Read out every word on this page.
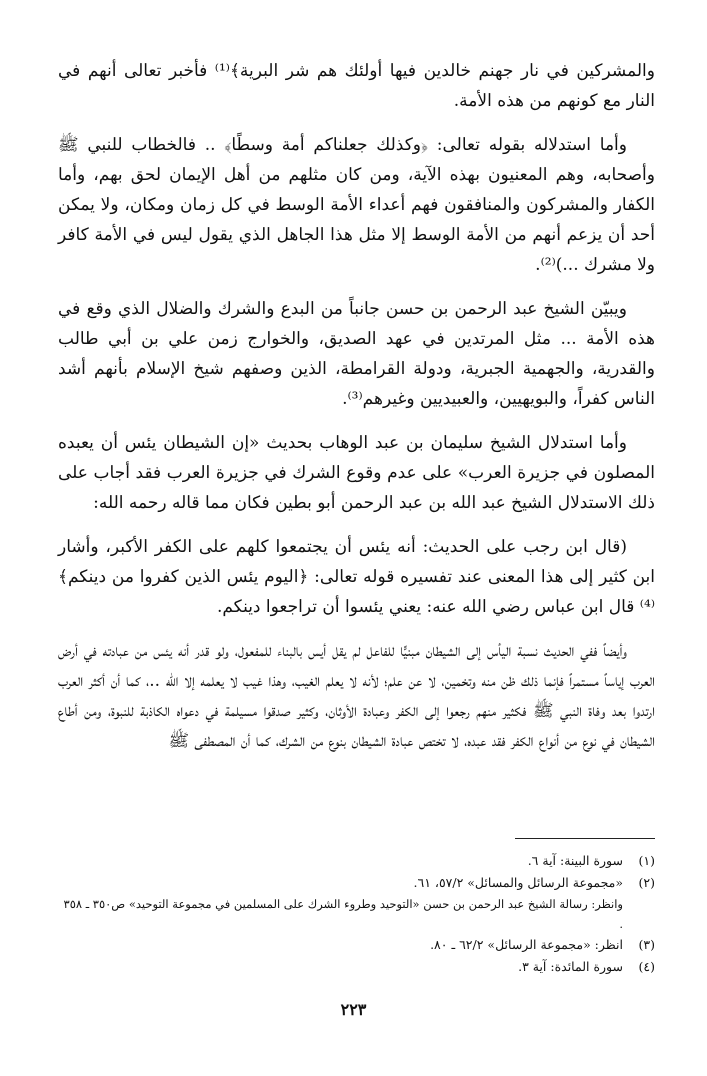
والمشركين في نار جهنم خالدين فيها أولئك هم شر البرية﴾⁽¹⁾ فأخبر تعالى أنهم في النار مع كونهم من هذه الأمة.

وأما استدلاله بقوله تعالى: ﴿وكذلك جعلناكم أمة وسطًا﴾ .. فالخطاب للنبي ﷺ وأصحابه، وهم المعنيون بهذه الآية، ومن كان مثلهم من أهل الإيمان لحق بهم، وأما الكفار والمشركون والمنافقون فهم أعداء الأمة الوسط في كل زمان ومكان، ولا يمكن أحد أن يزعم أنهم من الأمة الوسط إلا مثل هذا الجاهل الذي يقول ليس في الأمة كافر ولا مشرك ...)⁽²⁾.

ويبيّن الشيخ عبد الرحمن بن حسن جانباً من البدع والشرك والضلال الذي وقع في هذه الأمة ... مثل المرتدين في عهد الصديق، والخوارج زمن علي بن أبي طالب والقدرية، والجهمية الجبرية، ودولة القرامطة، الذين وصفهم شيخ الإسلام بأنهم أشد الناس كفراً، والبويهيين، والعبيديين وغيرهم⁽³⁾.

وأما استدلال الشيخ سليمان بن عبد الوهاب بحديث «إن الشيطان يئس أن يعبده المصلون في جزيرة العرب» على عدم وقوع الشرك في جزيرة العرب فقد أجاب على ذلك الاستدلال الشيخ عبد الله بن عبد الرحمن أبو بطين فكان مما قاله رحمه الله:

(قال ابن رجب على الحديث: أنه يئس أن يجتمعوا كلهم على الكفر الأكبر، وأشار ابن كثير إلى هذا المعنى عند تفسيره قوله تعالى: ﴿اليوم يئس الذين كفروا من دينكم﴾⁽⁴⁾ قال ابن عباس رضي الله عنه: يعني يئسوا أن تراجعوا دينكم.

وأيضاً ففي الحديث نسبة اليأس إلى الشيطان مبنيًّا للفاعل لم يقل أيس بالبناء للمفعول، ولو قدر أنه يئس من عبادته في أرض العرب إياساً مستمراً فإنما ذلك ظن منه وتخمين، لا عن علم؛ لأنه لا يعلم الغيب، وهذا غيب لا يعلمه إلا الله ..، كما أن أكثر العرب ارتدوا بعد وفاة النبي ﷺ فكثير منهم رجعوا إلى الكفر وعبادة الأوثان، وكثير صدقوا مسيلمة في دعواه الكاذبة للنبوة، ومن أطاع الشيطان في نوع من أنواع الكفر فقد عبده، لا تختص عبادة الشيطان بنوع من الشرك، كما أن المصطفى ﷺ

(١)
سورة البينة: آية ٦.
(٢)
«مجموعة الرسائل والمسائل» ٥٧/٢، ٦١.
وانظر: رسالة الشيخ عبد الرحمن بن حسن «التوحيد وطروء الشرك على المسلمين في مجموعة التوحيد» ص٣٥٠ ـ ٣٥٨ .
(٣)
انظر: «مجموعة الرسائل» ٦٢/٢ ـ ٨٠.
(٤)
سورة المائدة: آية ٣.
٢٢٣
